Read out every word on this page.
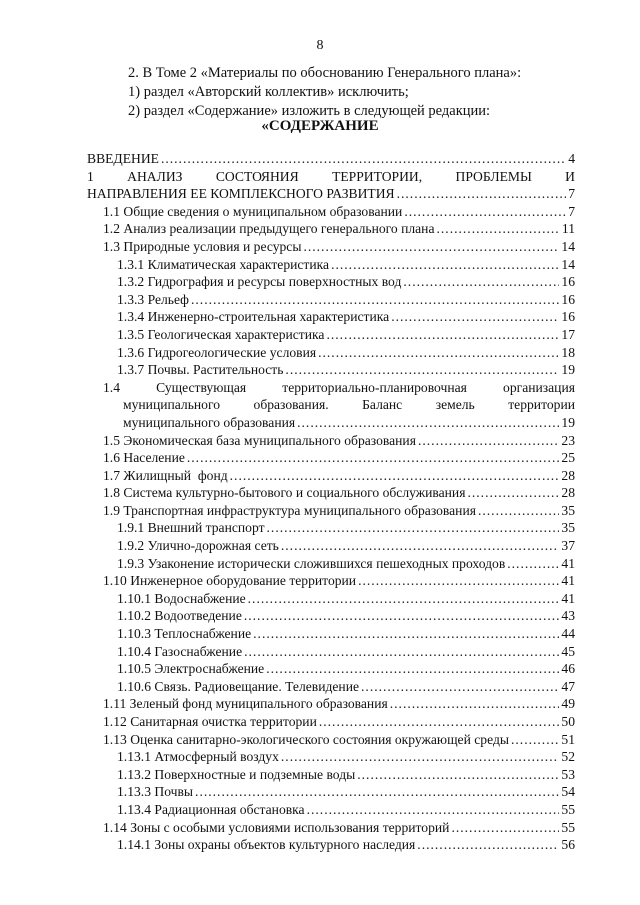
8
2. В Томе 2 «Материалы по обоснованию Генерального плана»:
1) раздел «Авторский коллектив» исключить;
2) раздел «Содержание» изложить в следующей редакции:
«СОДЕРЖАНИЕ
ВВЕДЕНИЕ .....	4
1 АНАЛИЗ СОСТОЯНИЯ ТЕРРИТОРИИ, ПРОБЛЕМЫ И
НАПРАВЛЕНИЯ ЕЕ КОМПЛЕКСНОГО РАЗВИТИЯ .....	7
1.1 Общие сведения о муниципальном образовании .....	7
1.2 Анализ реализации предыдущего генерального плана .....	11
1.3 Природные условия и ресурсы .....	14
1.3.1 Климатическая характеристика .....	14
1.3.2 Гидрография и ресурсы поверхностных вод .....	16
1.3.3 Рельеф .....	16
1.3.4 Инженерно-строительная характеристика .....	16
1.3.5 Геологическая характеристика .....	17
1.3.6 Гидрогеологические условия .....	18
1.3.7 Почвы. Растительность .....	19
1.4 Существующая территориально-планировочная организация
муниципального образования. Баланс земель территории
муниципального образования .....	19
1.5 Экономическая база муниципального образования .....	23
1.6 Население .....	25
1.7 Жилищный  фонд .....	28
1.8 Система культурно-бытового и социального обслуживания .....	28
1.9 Транспортная инфраструктура муниципального образования .....	35
1.9.1 Внешний транспорт .....	35
1.9.2 Улично-дорожная сеть .....	37
1.9.3 Узаконение исторически сложившихся пешеходных проходов .....	41
1.10 Инженерное оборудование территории .....	41
1.10.1 Водоснабжение .....	41
1.10.2 Водоотведение .....	43
1.10.3 Теплоснабжение .....	44
1.10.4 Газоснабжение .....	45
1.10.5 Электроснабжение .....	46
1.10.6 Связь. Радиовещание. Телевидение .....	47
1.11 Зеленый фонд муниципального образования .....	49
1.12 Санитарная очистка территории .....	50
1.13 Оценка санитарно-экологического состояния окружающей среды .....	51
1.13.1 Атмосферный воздух .....	52
1.13.2 Поверхностные и подземные воды .....	53
1.13.3 Почвы .....	54
1.13.4 Радиационная обстановка .....	55
1.14 Зоны с особыми условиями использования территорий .....	55
1.14.1 Зоны охраны объектов культурного наследия .....	56
